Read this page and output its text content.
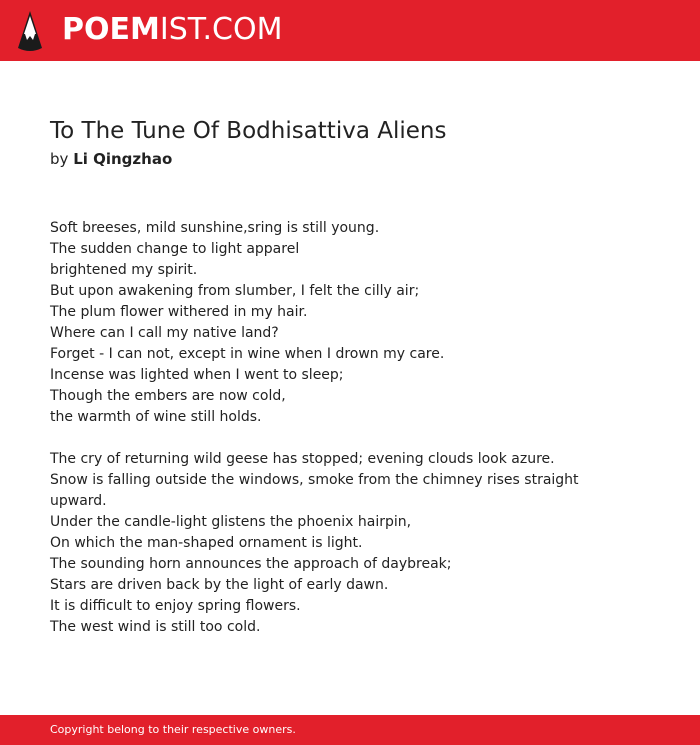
POEMIST.COM
To The Tune Of Bodhisattiva Aliens
by Li Qingzhao
Soft breeses, mild sunshine,sring is still young.
The sudden change to light apparel
brightened my spirit.
But upon awakening from slumber, I felt the cilly air;
The plum flower withered in my hair.
Where can I call my native land?
Forget - I can not, except in wine when I drown my care.
Incense was lighted when I went to sleep;
Though the embers are now cold,
the warmth of wine still holds.
The cry of returning wild geese has stopped; evening clouds look azure.
Snow is falling outside the windows, smoke from the chimney rises straight upward.
Under the candle-light glistens the phoenix hairpin,
On which the man-shaped ornament is light.
The sounding horn announces the approach of daybreak;
Stars are driven back by the light of early dawn.
It is difficult to enjoy spring flowers.
The west wind is still too cold.
Copyright belong to their respective owners.
